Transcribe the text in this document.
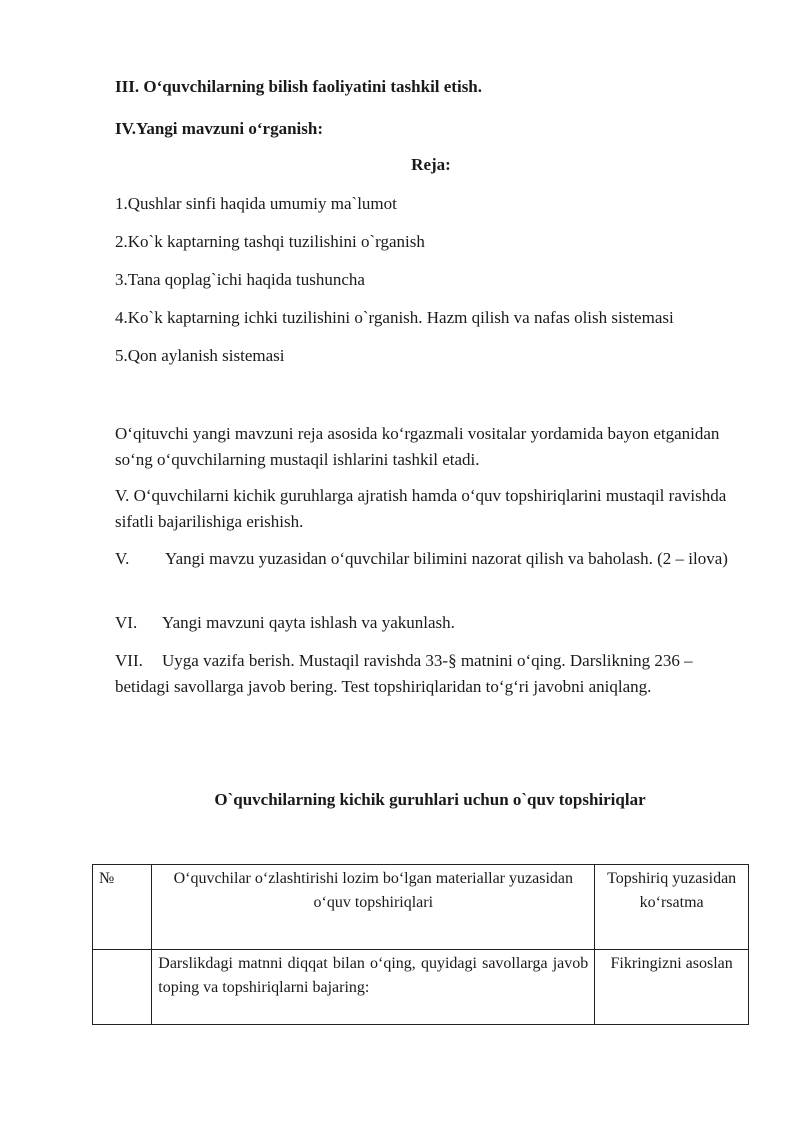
III. O‘quvchilarning bilish faoliyatini tashkil etish.
IV.Yangi mavzuni o‘rganish:
Reja:
1.Qushlar sinfi haqida umumiy ma`lumot
2.Ko`k kaptarning tashqi tuzilishini o`rganish
3.Tana qoplag`ichi haqida tushuncha
4.Ko`k kaptarning ichki tuzilishini o`rganish. Hazm qilish va nafas olish sistemasi
5.Qon aylanish sistemasi
O‘qituvchi yangi mavzuni reja asosida ko‘rgazmali vositalar yordamida bayon etganidan so‘ng o‘quvchilarning mustaqil ishlarini tashkil etadi.
V. O‘quvchilarni kichik guruhlarga ajratish hamda o‘quv topshiriqlarini mustaqil ravishda sifatli bajarilishiga erishish.
V. Yangi mavzu yuzasidan o‘quvchilar bilimini nazorat qilish va baholash. (2 – ilova)
VI. Yangi mavzuni qayta ishlash va yakunlash.
VII. Uyga vazifa berish. Mustaqil ravishda 33-§ matnini o‘qing. Darslikning 236 – betidagi savollarga javob bering. Test topshiriqlaridan to‘g‘ri javobni aniqlang.
O`quvchilarning kichik guruhlari uchun o`quv topshiriqlar
№	O‘quvchilar o‘zlashtirishi lozim bo‘lgan materiallar yuzasidan o‘quv topshiriqlari	Topshiriq yuzasidan ko‘rsatma
	Darslikdagi matnni diqqat bilan o‘qing, quyidagi savollarga javob toping va topshiriqlarni bajaring:	Fikringizni asoslan
